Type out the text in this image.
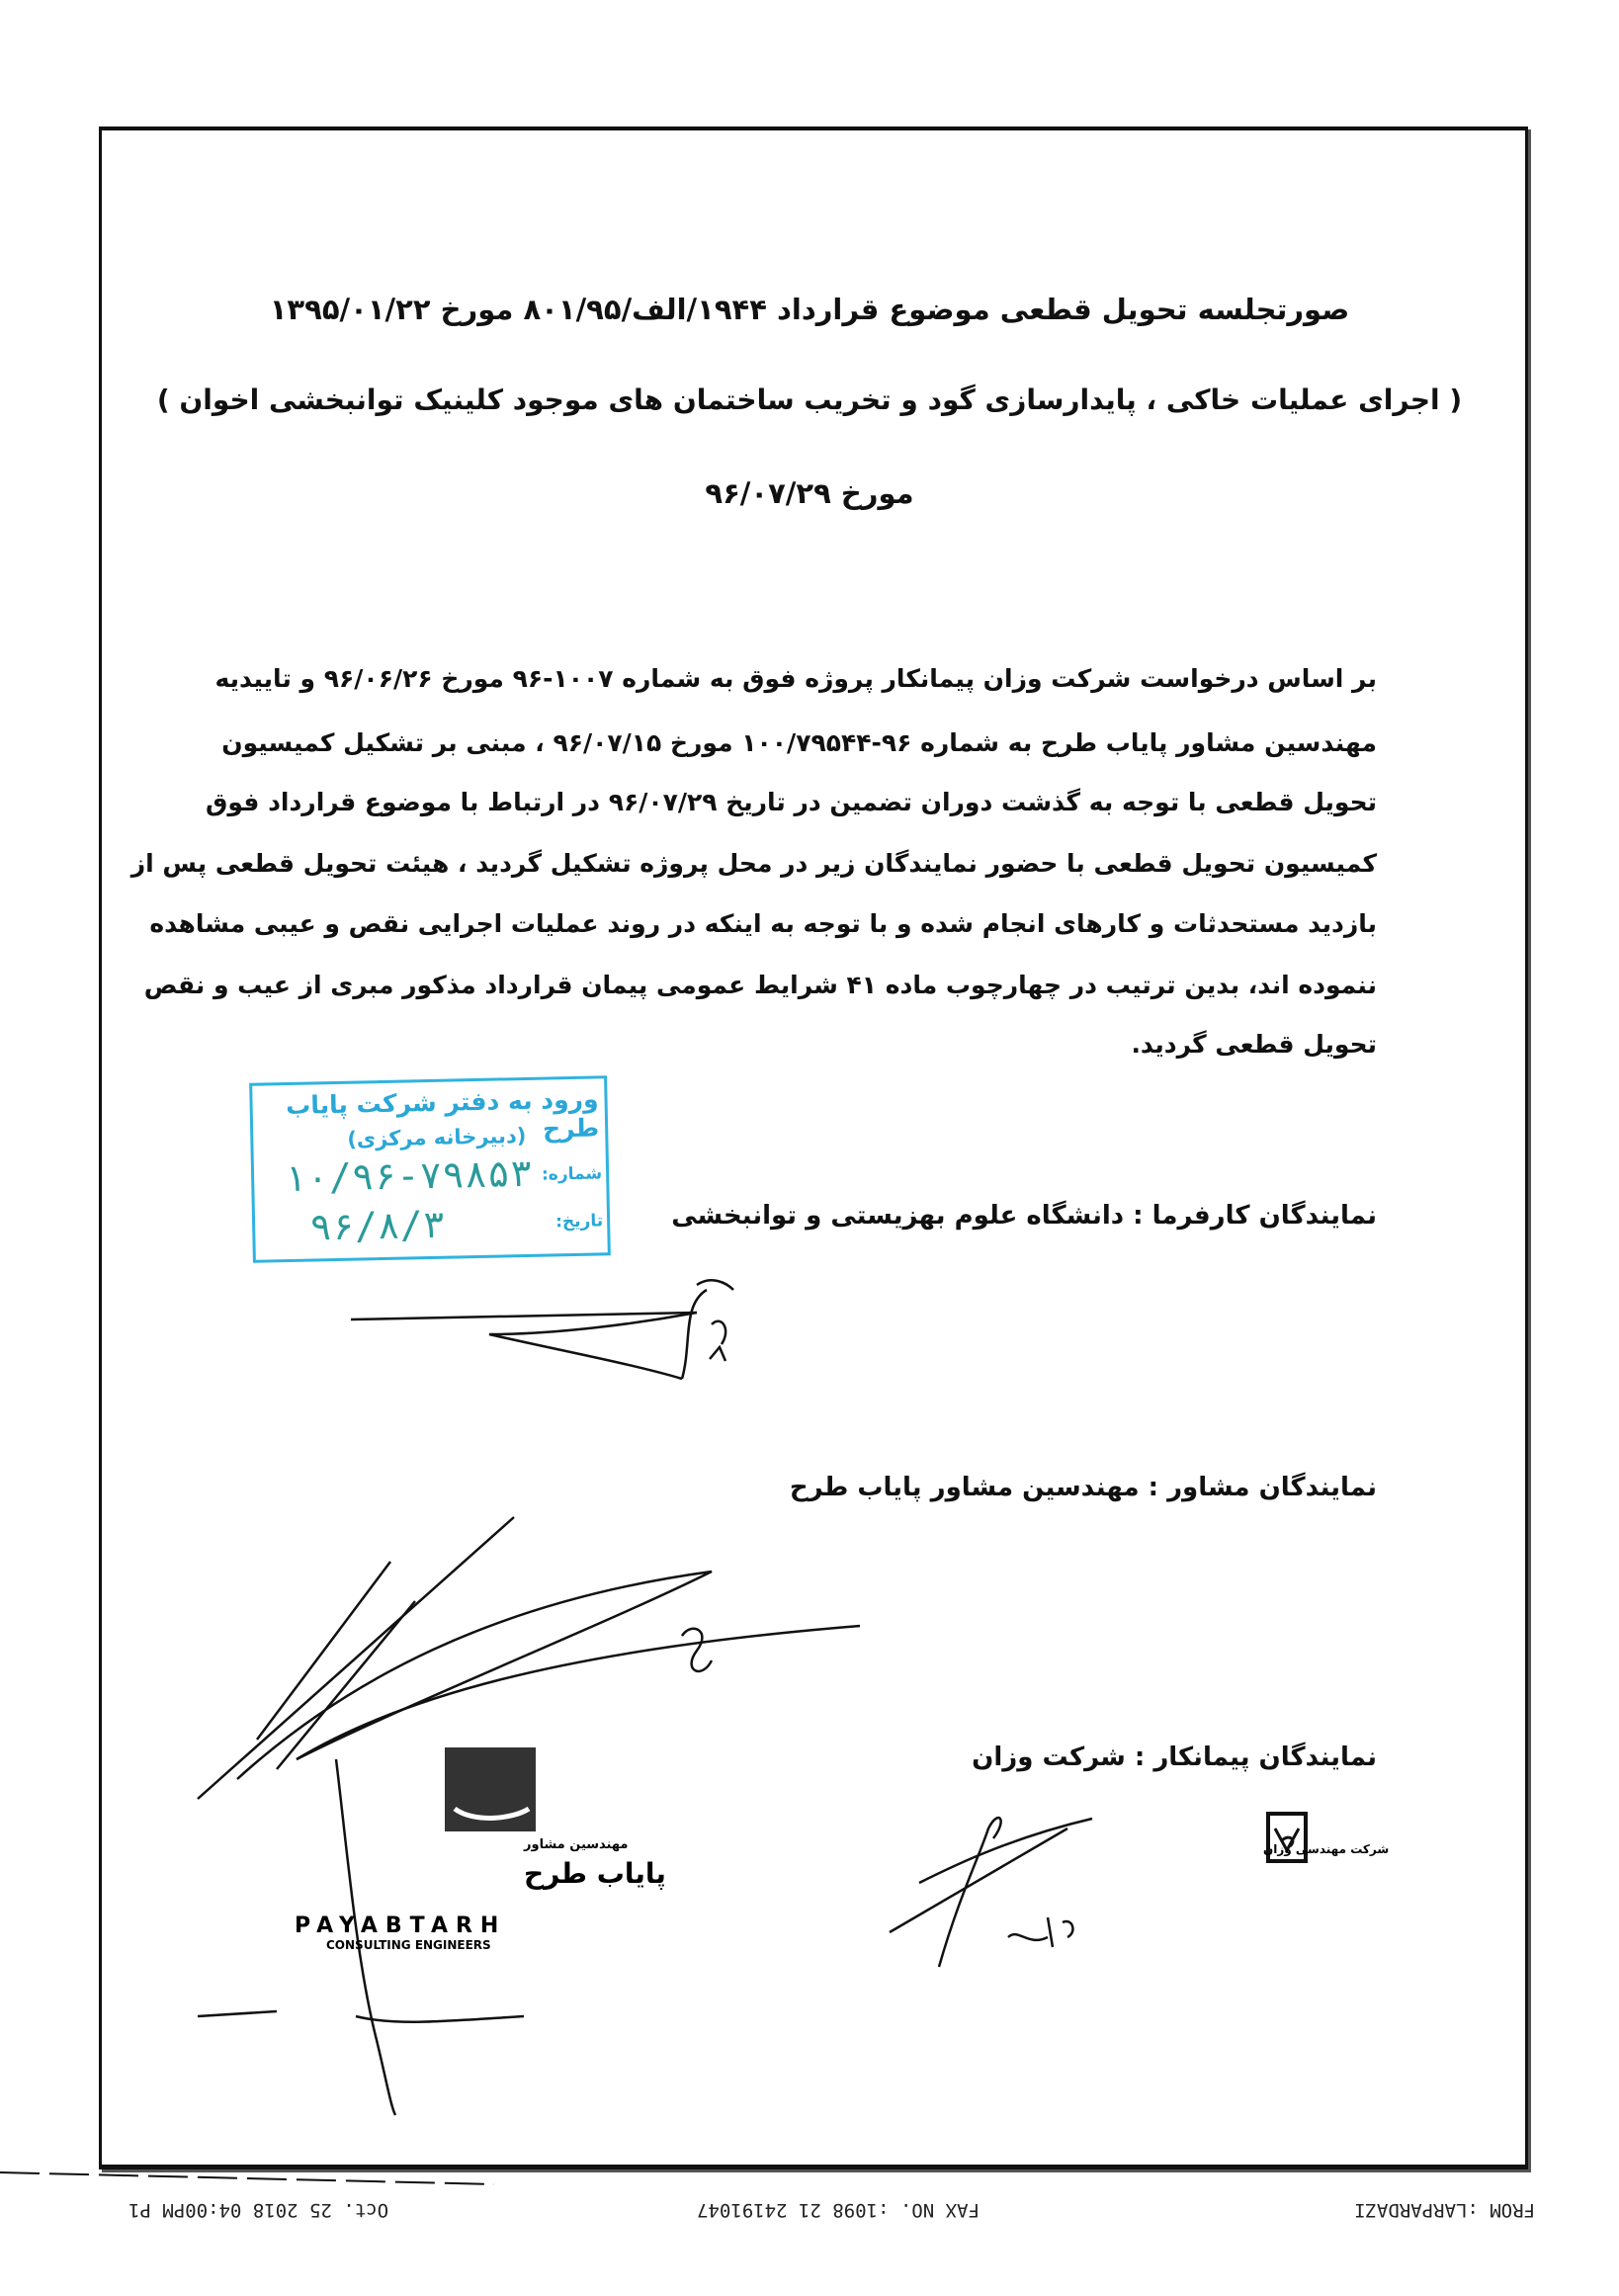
صورتجلسه تحویل قطعی موضوع قرارداد ۱۹۴۴/الف/۸۰۱/۹۵ مورخ ۱۳۹۵/۰۱/۲۲
( اجرای عملیات خاکی ، پایدارسازی گود و تخریب ساختمان های موجود کلینیک توانبخشی اخوان )
مورخ ۹۶/۰۷/۲۹
بر اساس درخواست شرکت وزان پیمانکار پروژه فوق به شماره ۱۰۰۷-۹۶ مورخ ۹۶/۰۶/۲۶ و تاییدیه
مهندسین مشاور پایاب طرح به شماره ۹۶-۱۰۰/۷۹۵۴۴ مورخ ۹۶/۰۷/۱۵ ، مبنی بر تشکیل کمیسیون
تحویل قطعی با توجه به گذشت دوران تضمین در تاریخ ۹۶/۰۷/۲۹ در ارتباط با موضوع قرارداد فوق
کمیسیون تحویل قطعی با حضور نمایندگان زیر در محل پروژه تشکیل گردید ، هیئت تحویل قطعی پس از
بازدید مستحدثات و کارهای انجام شده و با توجه به اینکه در روند عملیات اجرایی نقص و عیبی مشاهده
ننموده اند، بدین ترتیب در چهارچوب ماده ۴۱ شرایط عمومی پیمان قرارداد مذکور مبری از عیب و نقص
تحویل قطعی گردید.
ورود به دفتر شرکت پایاب طرح
(دبیرخانه مرکزی)
شماره:
۱۰/۹۶-۷۹۸۵۳
تاریخ:
۹۶/۸/۳	نمایندگان کارفرما : دانشگاه علوم بهزیستی و توانبخشی
نمایندگان مشاور : مهندسین مشاور پایاب طرح
نمایندگان پیمانکار : شرکت وزان
مهندسین مشاور
پایاب طرح
PAYABTARH
CONSULTING ENGINEERS
شرکت مهندسی وزان
FROM :LARPARDAZI
FAX NO. :1098 21 24191047
Oct. 25 2018 04:00PM P1
